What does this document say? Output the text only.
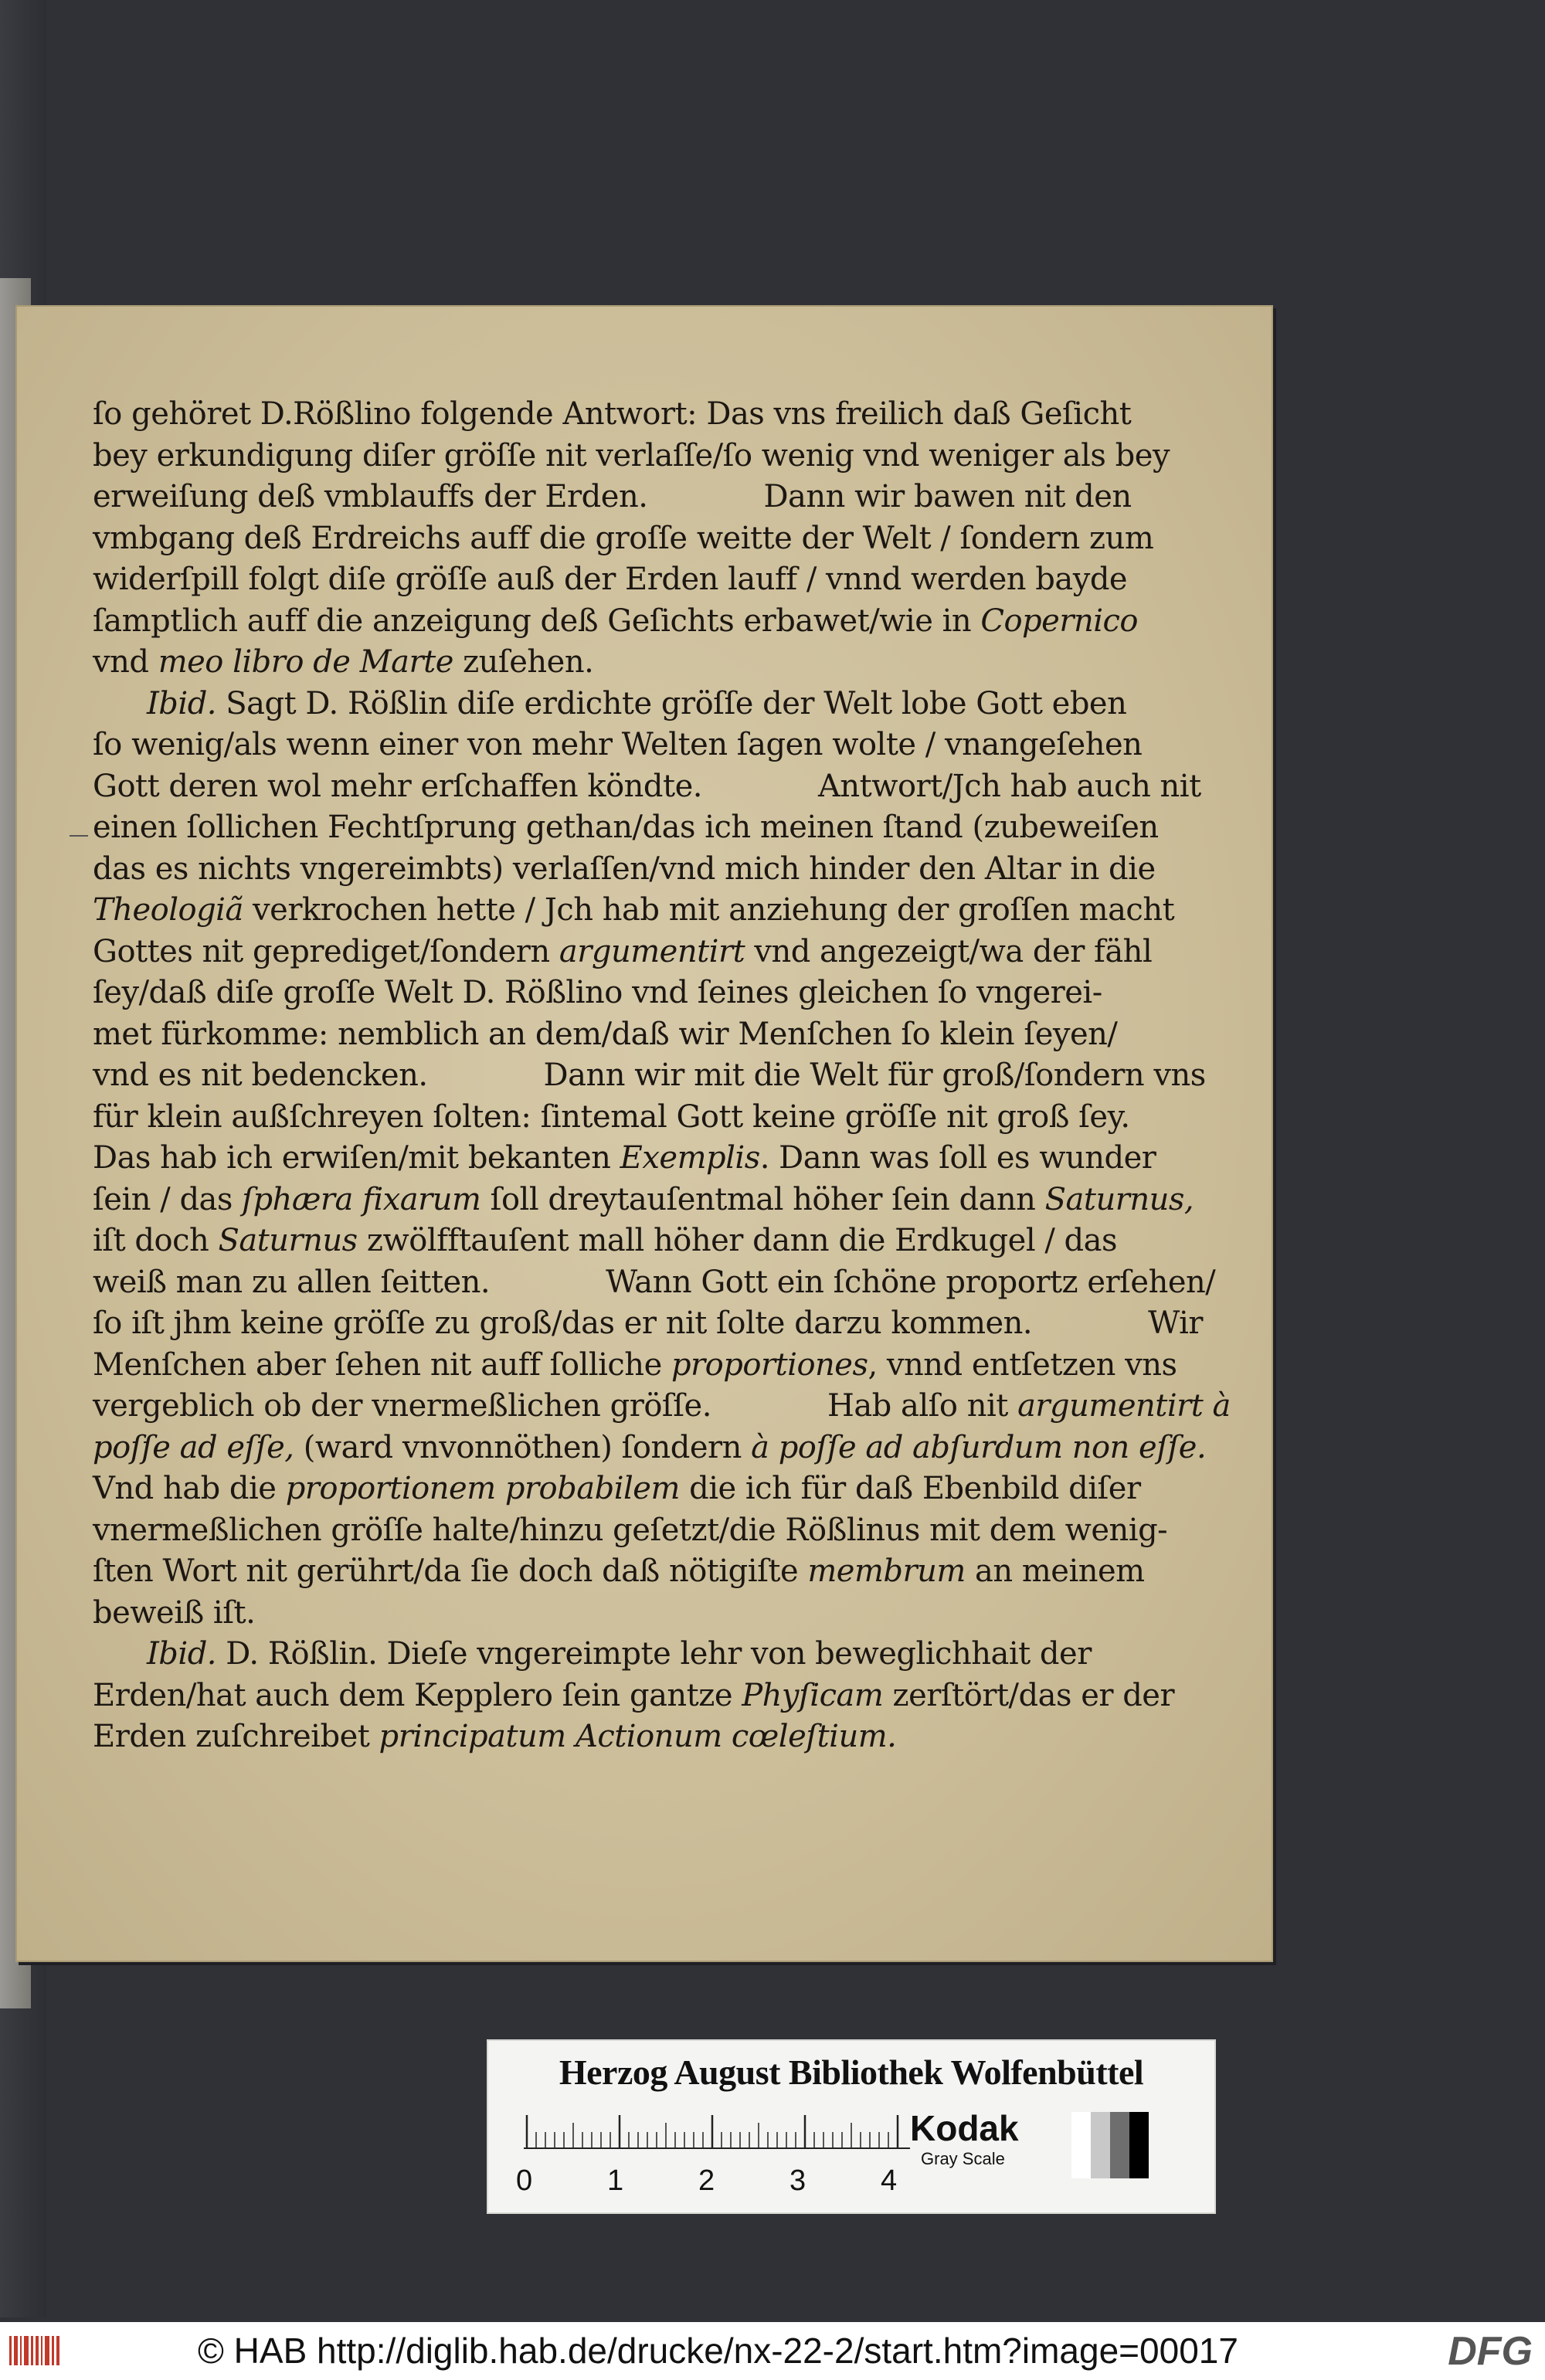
ſo gehöret D.Rößlino folgende Antwort: Das vns freilich daß Geſicht
bey erkundigung diſer gröſſe nit verlaſſe/ſo wenig vnd weniger als bey
erweiſung deß vmblauffs der Erden.	Dann wir bawen nit den
vmbgang deß Erdreichs auff die groſſe weitte der Welt / ſondern zum
widerſpill folgt diſe gröſſe auß der Erden lauff / vnnd werden bayde
ſamptlich auff die anzeigung deß Geſichts erbawet/wie in Copernico
vnd meo libro de Marte zuſehen.
Ibid. Sagt D. Rößlin diſe erdichte gröſſe der Welt lobe Gott eben
ſo wenig/als wenn einer von mehr Welten ſagen wolte / vnangeſehen
Gott deren wol mehr erſchaffen köndte.	Antwort/Jch hab auch nit
einen ſollichen Fechtſprung gethan/das ich meinen ſtand (zubeweiſen
das es nichts vngereimbts) verlaſſen/vnd mich hinder den Altar in die
Theologiã verkrochen hette / Jch hab mit anziehung der groſſen macht
Gottes nit geprediget/ſondern argumentirt vnd angezeigt/wa der fähl
ſey/daß diſe groſſe Welt D. Rößlino vnd ſeines gleichen ſo vngerei-
met fürkomme: nemblich an dem/daß wir Menſchen ſo klein ſeyen/
vnd es nit bedencken.	Dann wir mit die Welt für groß/ſondern vns
für klein außſchreyen ſolten: ſintemal Gott keine gröſſe nit groß ſey.
Das hab ich erwiſen/mit bekanten Exemplis. Dann was ſoll es wunder
ſein / das ſphæra fixarum ſoll dreytauſentmal höher ſein dann Saturnus,
iſt doch Saturnus zwölfftauſent mall höher dann die Erdkugel / das
weiß man zu allen ſeitten.	Wann Gott ein ſchöne proportz erſehen/
ſo iſt jhm keine gröſſe zu groß/das er nit ſolte darzu kommen.	Wir
Menſchen aber ſehen nit auff ſolliche proportiones, vnnd entſetzen vns
vergeblich ob der vnermeßlichen gröſſe.	Hab alſo nit argumentirt à
poſſe ad eſſe, (ward vnvonnöthen) ſondern à poſſe ad abſurdum non eſſe.
Vnd hab die proportionem probabilem die ich für daß Ebenbild diſer
vnermeßlichen gröſſe halte/hinzu geſetzt/die Rößlinus mit dem wenig-
ſten Wort nit gerührt/da ſie doch daß nötigiſte membrum an meinem
beweiß iſt.
Ibid. D. Rößlin. Dieſe vngereimpte lehr von beweglichhait der
Erden/hat auch dem Kepplero ſein gantze Phyſicam zerſtört/das er der
Erden zuſchreibet principatum Actionum cœleſtium.
Herzog August Bibliothek Wolfenbüttel
0	1	2	3	4
Kodak
Gray Scale
© HAB http://diglib.hab.de/drucke/nx-22-2/start.htm?image=00017	DFG
